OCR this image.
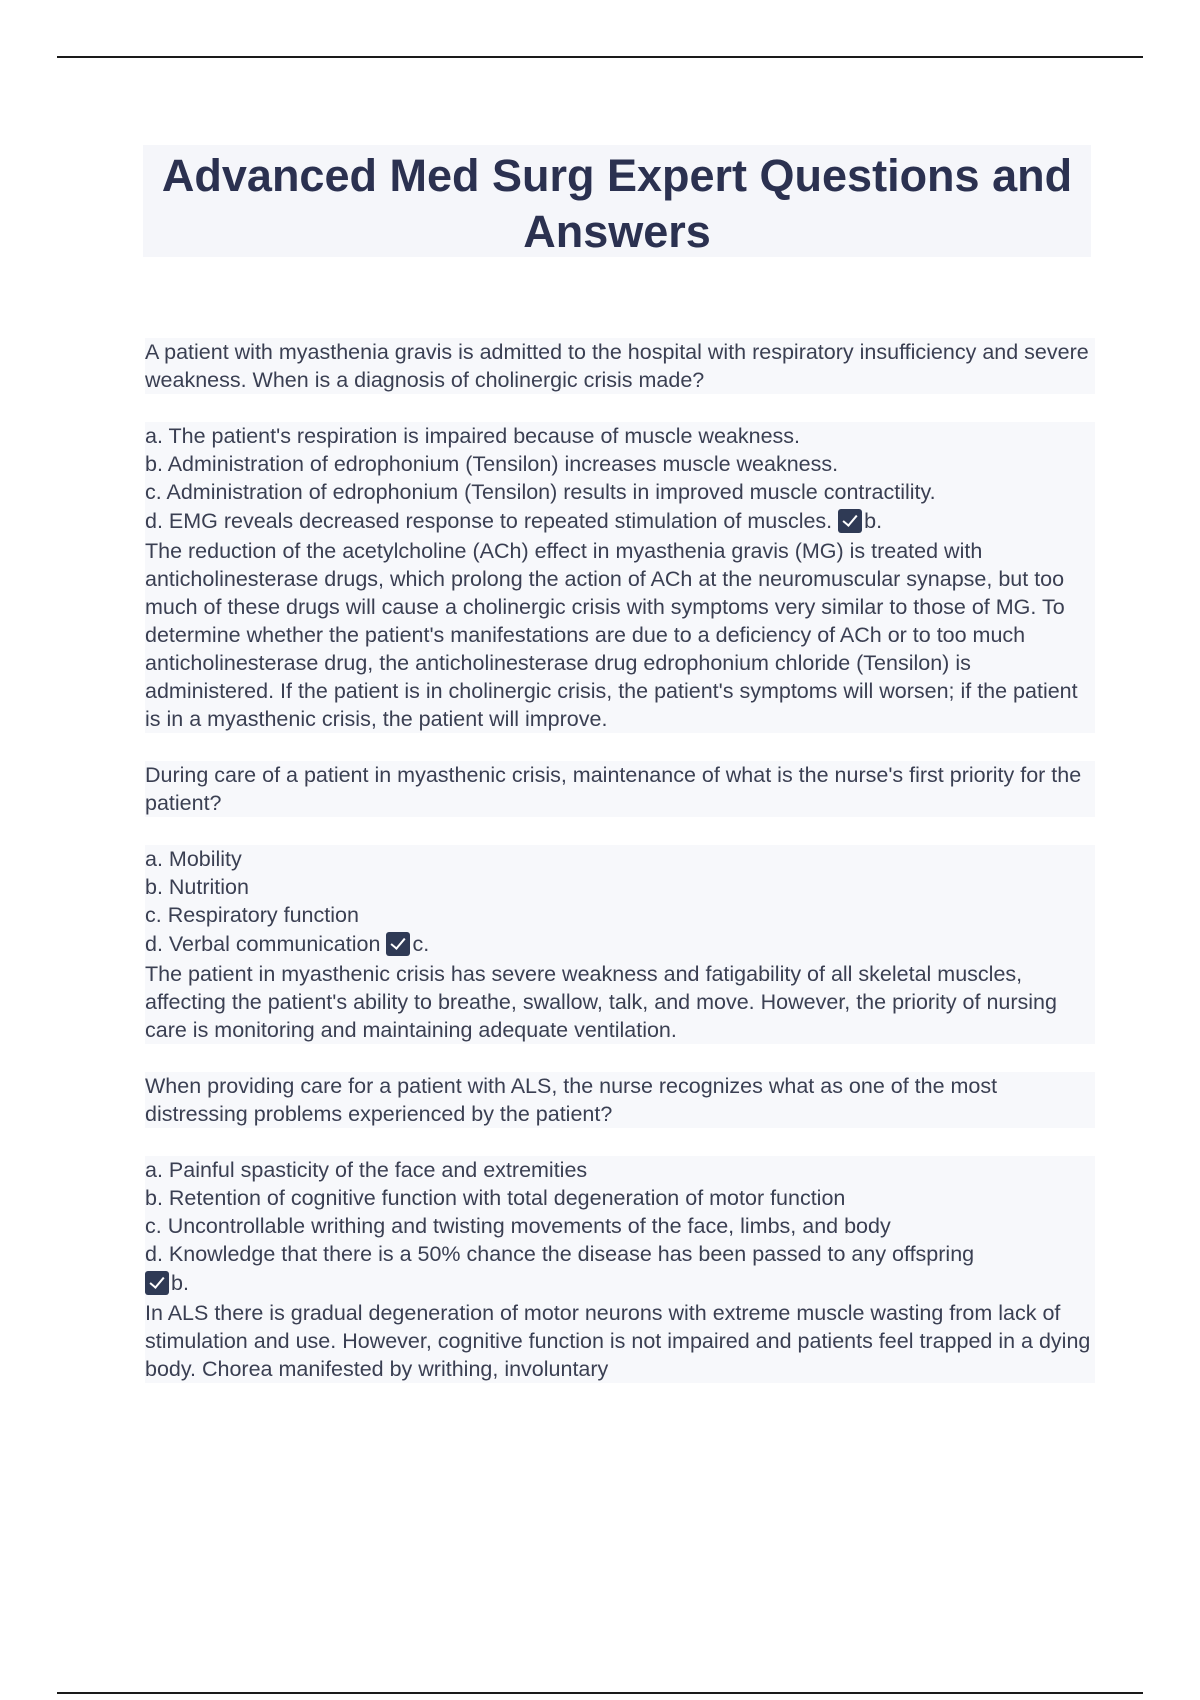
Advanced Med Surg Expert Questions and Answers

A patient with myasthenia gravis is admitted to the hospital with respiratory insufficiency and severe weakness. When is a diagnosis of cholinergic crisis made?

a. The patient's respiration is impaired because of muscle weakness.

b. Administration of edrophonium (Tensilon) increases muscle weakness.

c. Administration of edrophonium (Tensilon) results in improved muscle contractility.

d. EMG reveals decreased response to repeated stimulation of muscles. b.

The reduction of the acetylcholine (ACh) effect in myasthenia gravis (MG) is treated with anticholinesterase drugs, which prolong the action of ACh at the neuromuscular synapse, but too much of these drugs will cause a cholinergic crisis with symptoms very similar to those of MG. To determine whether the patient's manifestations are due to a deficiency of ACh or to too much anticholinesterase drug, the anticholinesterase drug edrophonium chloride (Tensilon) is administered. If the patient is in cholinergic crisis, the patient's symptoms will worsen; if the patient is in a myasthenic crisis, the patient will improve.

During care of a patient in myasthenic crisis, maintenance of what is the nurse's first priority for the patient?

a. Mobility

b. Nutrition

c. Respiratory function

d. Verbal communication c.

The patient in myasthenic crisis has severe weakness and fatigability of all skeletal muscles, affecting the patient's ability to breathe, swallow, talk, and move. However, the priority of nursing care is monitoring and maintaining adequate ventilation.

When providing care for a patient with ALS, the nurse recognizes what as one of the most distressing problems experienced by the patient?

a. Painful spasticity of the face and extremities

b. Retention of cognitive function with total degeneration of motor function

c. Uncontrollable writhing and twisting movements of the face, limbs, and body

d. Knowledge that there is a 50% chance the disease has been passed to any offspring

b.

In ALS there is gradual degeneration of motor neurons with extreme muscle wasting from lack of stimulation and use. However, cognitive function is not impaired and patients feel trapped in a dying body. Chorea manifested by writhing, involuntary
